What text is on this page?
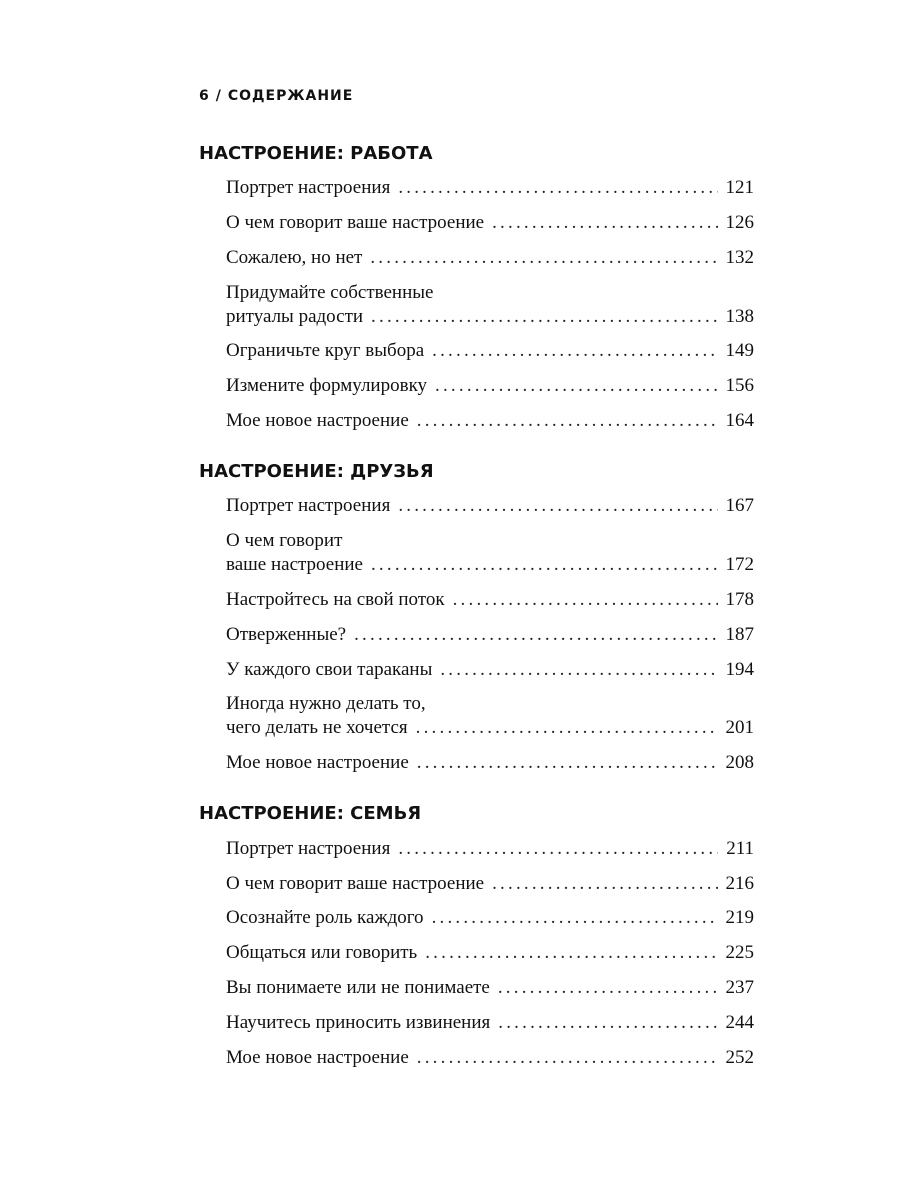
6 / СОДЕРЖАНИЕ
НАСТРОЕНИЕ: РАБОТА
Портрет настроения .....	121
О чем говорит ваше настроение .....	126
Сожалею, но нет .....	132
Придумайте собственные
ритуалы радости .....	138
Ограничьте круг выбора .....	149
Измените формулировку .....	156
Мое новое настроение .....	164
НАСТРОЕНИЕ: ДРУЗЬЯ
Портрет настроения .....	167
О чем говорит
ваше настроение .....	172
Настройтесь на свой поток .....	178
Отверженные? .....	187
У каждого свои тараканы .....	194
Иногда нужно делать то,
чего делать не хочется .....	201
Мое новое настроение .....	208
НАСТРОЕНИЕ: СЕМЬЯ
Портрет настроения .....	211
О чем говорит ваше настроение .....	216
Осознайте роль каждого .....	219
Общаться или говорить .....	225
Вы понимаете или не понимаете .....	237
Научитесь приносить извинения .....	244
Мое новое настроение .....	252
